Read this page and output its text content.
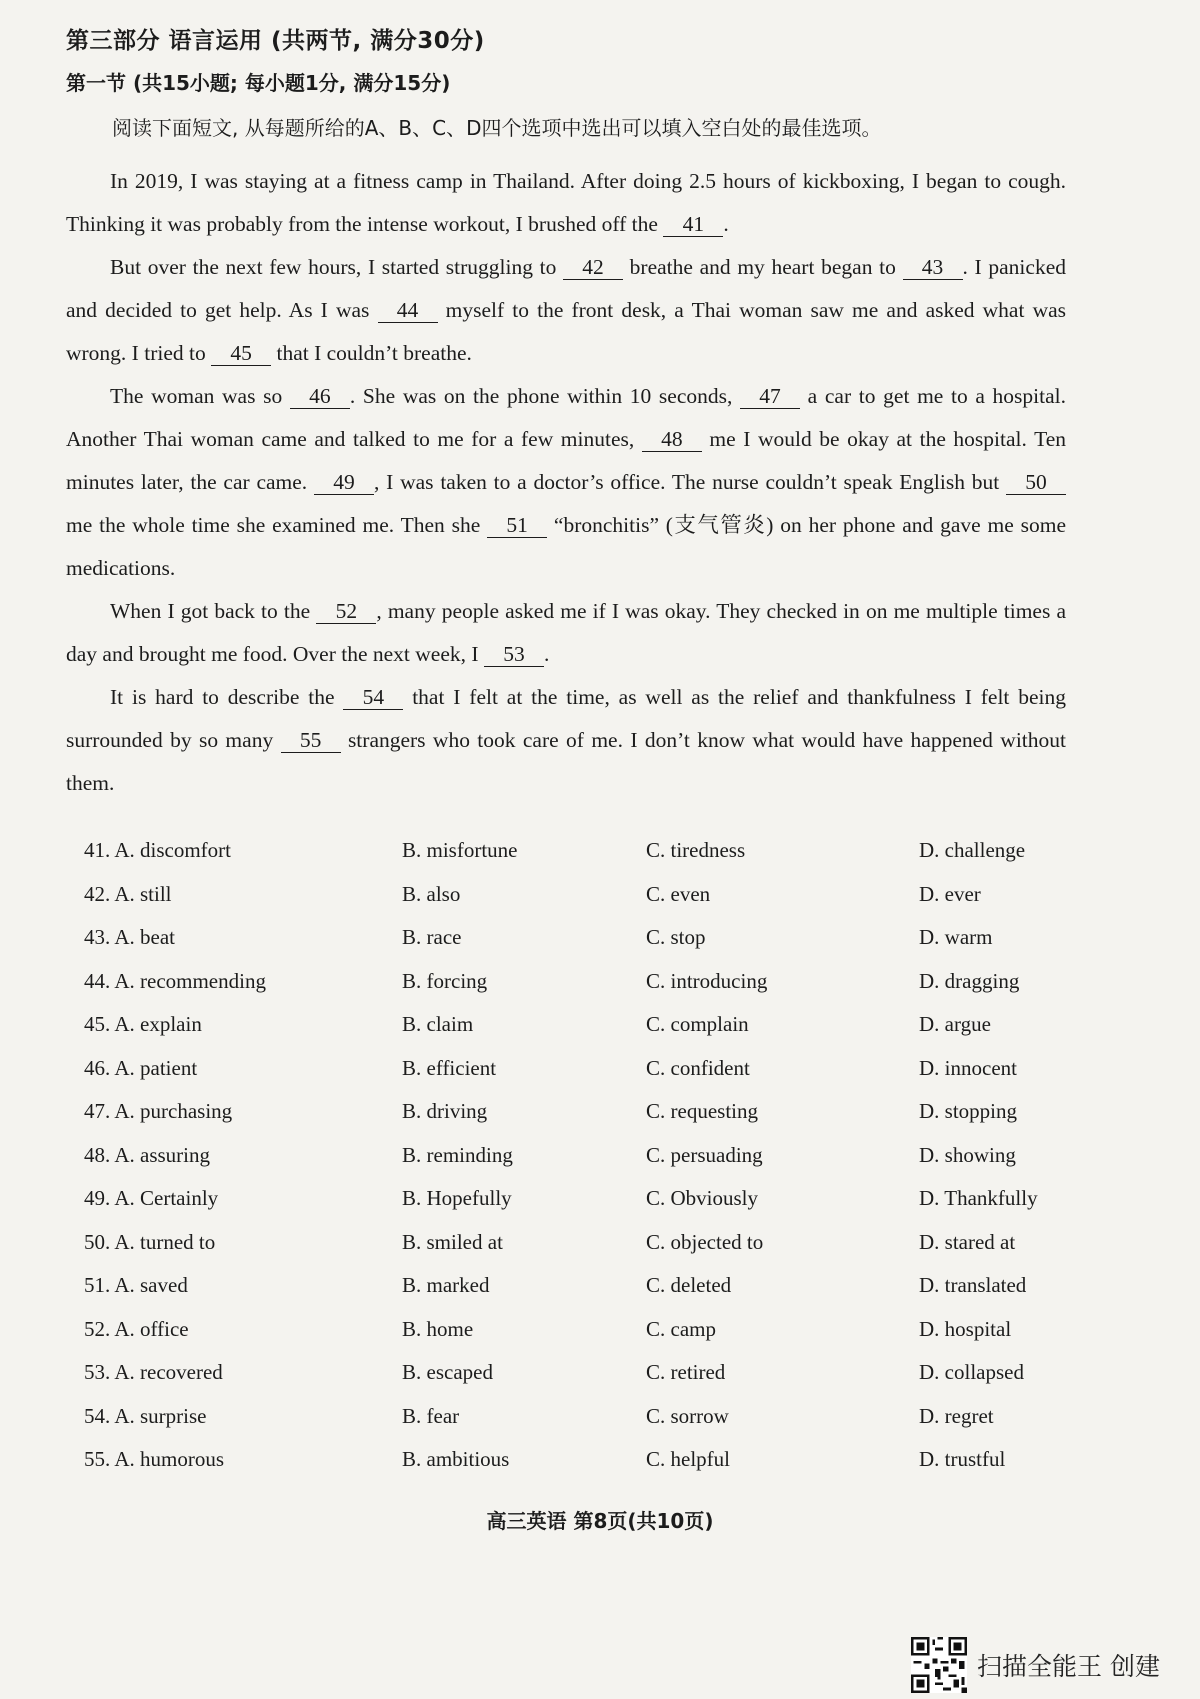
第三部分 语言运用 (共两节, 满分30分)
第一节 (共15小题; 每小题1分, 满分15分)
阅读下面短文, 从每题所给的A、B、C、D四个选项中选出可以填入空白处的最佳选项。

In 2019, I was staying at a fitness camp in Thailand. After doing 2.5 hours of kickboxing, I began to cough. Thinking it was probably from the intense workout, I brushed off the 41 .

But over the next few hours, I started struggling to 42 breathe and my heart began to 43 . I panicked and decided to get help. As I was 44 myself to the front desk, a Thai woman saw me and asked what was wrong. I tried to 45 that I couldn’t breathe.

The woman was so 46 . She was on the phone within 10 seconds, 47 a car to get me to a hospital. Another Thai woman came and talked to me for a few minutes, 48 me I would be okay at the hospital. Ten minutes later, the car came. 49 , I was taken to a doctor’s office. The nurse couldn’t speak English but 50 me the whole time she examined me. Then she 51 “bronchitis” (支气管炎) on her phone and gave me some medications.

When I got back to the 52 , many people asked me if I was okay. They checked in on me multiple times a day and brought me food. Over the next week, I 53 .

It is hard to describe the 54 that I felt at the time, as well as the relief and thankfulness I felt being surrounded by so many 55 strangers who took care of me. I don’t know what would have happened without them.

41. A. discomfort	B. misfortune	C. tiredness	D. challenge
42. A. still	B. also	C. even	D. ever
43. A. beat	B. race	C. stop	D. warm
44. A. recommending	B. forcing	C. introducing	D. dragging
45. A. explain	B. claim	C. complain	D. argue
46. A. patient	B. efficient	C. confident	D. innocent
47. A. purchasing	B. driving	C. requesting	D. stopping
48. A. assuring	B. reminding	C. persuading	D. showing
49. A. Certainly	B. Hopefully	C. Obviously	D. Thankfully
50. A. turned to	B. smiled at	C. objected to	D. stared at
51. A. saved	B. marked	C. deleted	D. translated
52. A. office	B. home	C. camp	D. hospital
53. A. recovered	B. escaped	C. retired	D. collapsed
54. A. surprise	B. fear	C. sorrow	D. regret
55. A. humorous	B. ambitious	C. helpful	D. trustful
高三英语 第8页(共10页)
扫描全能王 创建
